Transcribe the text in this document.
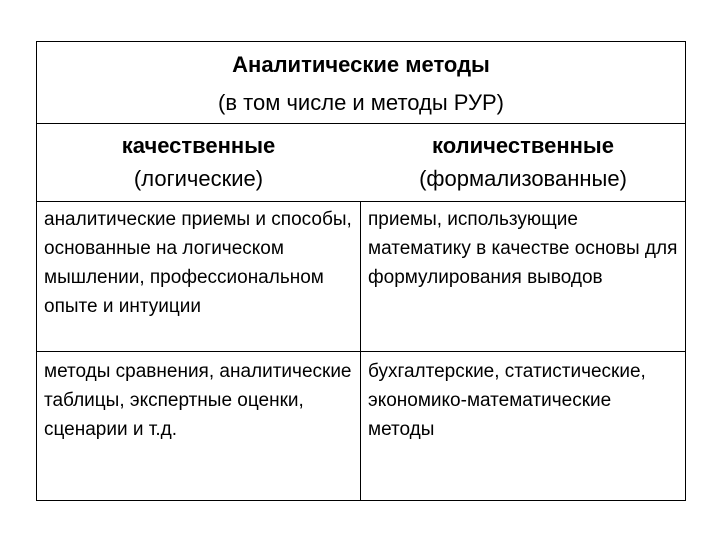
Аналитические методы
(в том числе и методы РУР)
качественные
(логические)
количественные
(формализованные)
аналитические приемы и способы, основанные на логическом мышлении, профессиональном опыте и интуиции
приемы, использующие математику в качестве основы для формулирования выводов
методы сравнения, аналитические таблицы, экспертные оценки, сценарии и т.д.
бухгалтерские, статистические, экономико-математические методы
